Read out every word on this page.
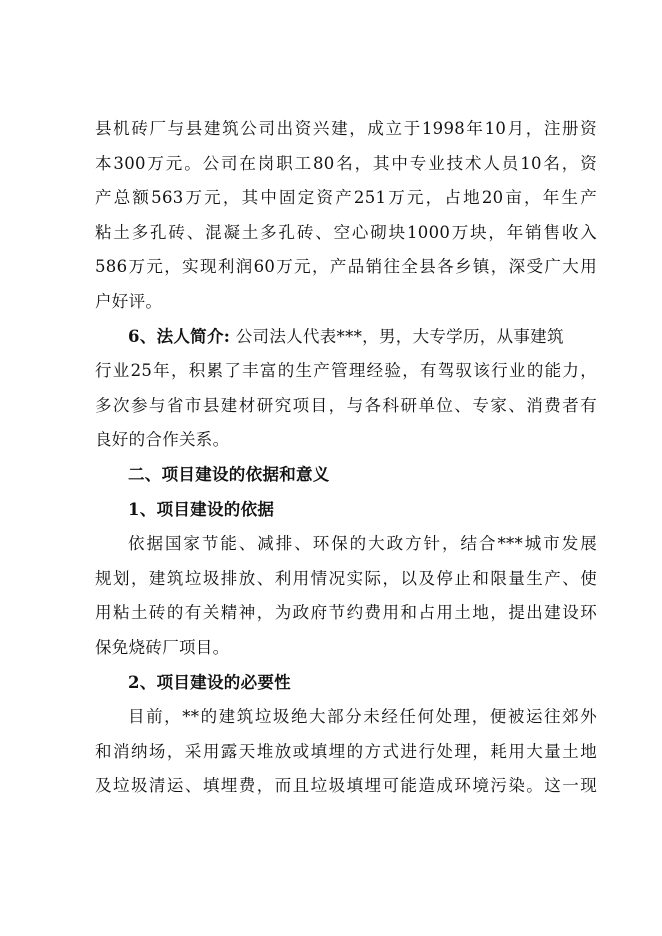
县机砖厂与县建筑公司出资兴建，成立于1998年10月，注册资
本300万元。公司在岗职工80名，其中专业技术人员10名，资
产总额563万元，其中固定资产251万元，占地20亩，年生产
粘土多孔砖、混凝土多孔砖、空心砌块1000万块，年销售收入
586万元，实现利润60万元，产品销往全县各乡镇，深受广大用
户好评。
6、法人简介: 公司法人代表***，男，大专学历，从事建筑
行业25年，积累了丰富的生产管理经验，有驾驭该行业的能力，
多次参与省市县建材研究项目，与各科研单位、专家、消费者有
良好的合作关系。
二、项目建设的依据和意义
1、项目建设的依据
依据国家节能、减排、环保的大政方针，结合***城市发展
规划，建筑垃圾排放、利用情况实际，以及停止和限量生产、使
用粘土砖的有关精神，为政府节约费用和占用土地，提出建设环
保免烧砖厂项目。
2、项目建设的必要性
目前，**的建筑垃圾绝大部分未经任何处理，便被运往郊外
和消纳场，采用露天堆放或填埋的方式进行处理，耗用大量土地
及垃圾清运、填埋费，而且垃圾填埋可能造成环境污染。这一现
